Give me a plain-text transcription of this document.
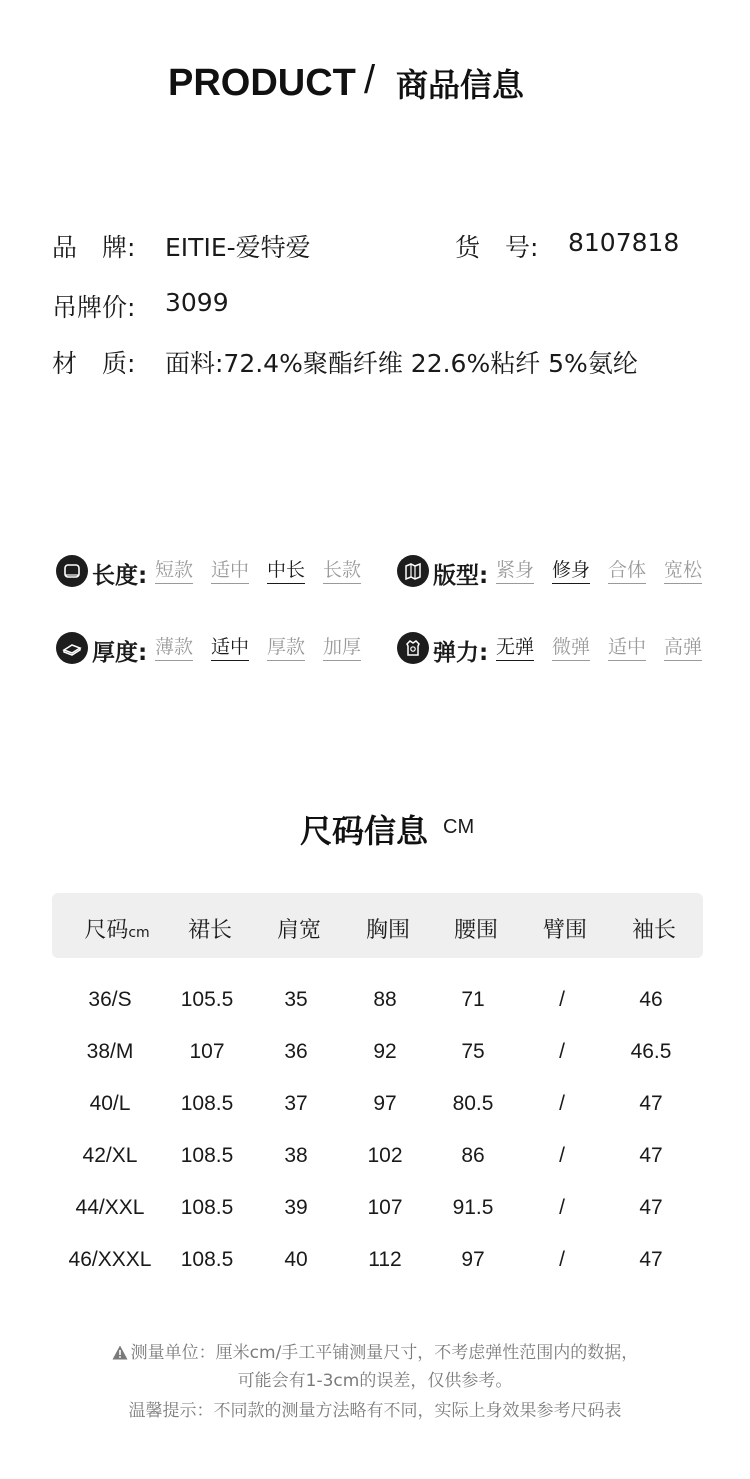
PRODUCT / 商品信息
品　牌: EITIE-爱特爱	货　号: 8107818
吊牌价: 3099
材　质: 面料:72.4%聚酯纤维 22.6%粘纤 5%氨纶
长度: 短款 适中 中长 长款	版型: 紧身 修身 合体 宽松
厚度: 薄款 适中 厚款 加厚	弹力: 无弹 微弹 适中 高弹
尺码信息 CM
尺码cm	裙长	肩宽	胸围	腰围	臂围	袖长
36/S	105.5	35	88	71	/	46
38/M	107	36	92	75	/	46.5
40/L	108.5	37	97	80.5	/	47
42/XL	108.5	38	102	86	/	47
44/XXL	108.5	39	107	91.5	/	47
46/XXXL	108.5	40	112	97	/	47
测量单位：厘米cm/手工平铺测量尺寸，不考虑弹性范围内的数据，
可能会有1-3cm的误差，仅供参考。
温馨提示：不同款的测量方法略有不同，实际上身效果参考尺码表
